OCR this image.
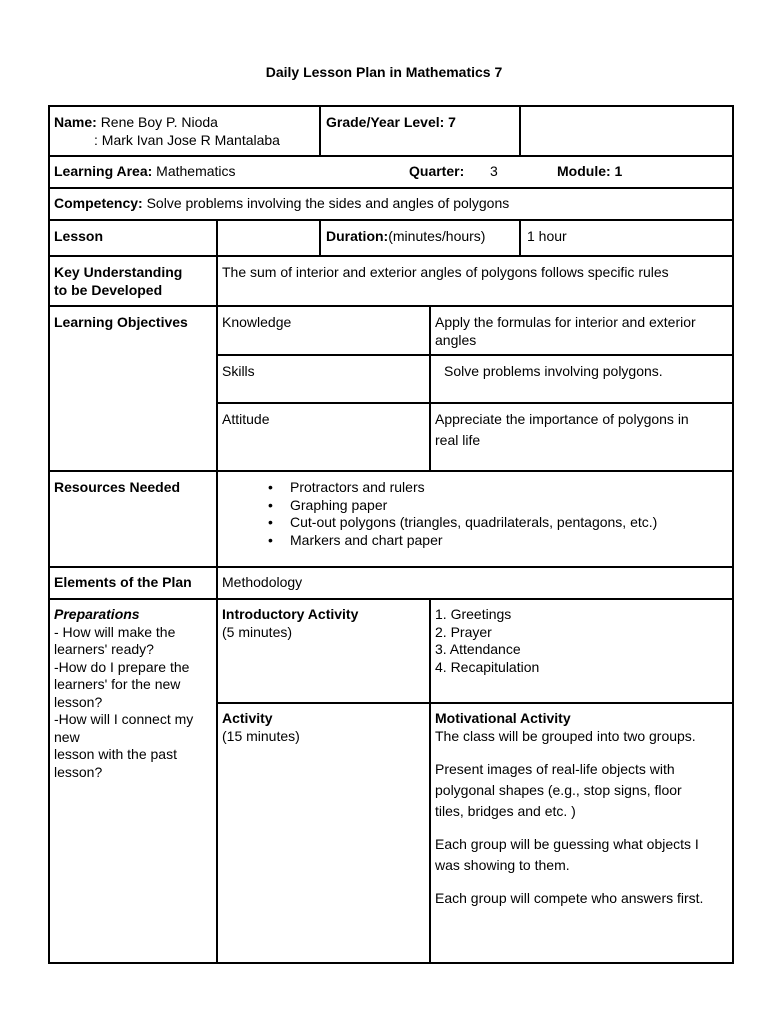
Daily Lesson Plan in Mathematics 7
Name: Rene Boy P. Nioda
: Mark Ivan Jose R Mantalaba
Grade/Year Level: 7
Learning Area: Mathematics	Quarter:	3	Module: 1
Competency: Solve problems involving the sides and angles of polygons
Lesson	Duration:(minutes/hours)	1 hour
Key Understanding
to be Developed
The sum of interior and exterior angles of polygons follows specific rules
Learning Objectives	Knowledge	Apply the formulas for interior and exterior
angles
Skills	Solve problems involving polygons.
Attitude	Appreciate the importance of polygons in
real life
Resources Needed
•	Protractors and rulers
• Graphing paper
• Cut-out polygons (triangles, quadrilaterals, pentagons, etc.)
• Markers and chart paper
Elements of the Plan	Methodology
Preparations
- How will make the
learners' ready?
-How do I prepare the
learners' for the new
lesson?
-How will I connect my
new
lesson with the past
lesson?
Introductory Activity
(5 minutes)
1. Greetings
2. Prayer
3. Attendance
4. Recapitulation
Activity
(15 minutes)
Motivational Activity
The class will be grouped into two groups.

Present images of real-life objects with
polygonal shapes (e.g., stop signs, floor
tiles, bridges and etc. )

Each group will be guessing what objects I
was showing to them.

Each group will compete who answers first.
